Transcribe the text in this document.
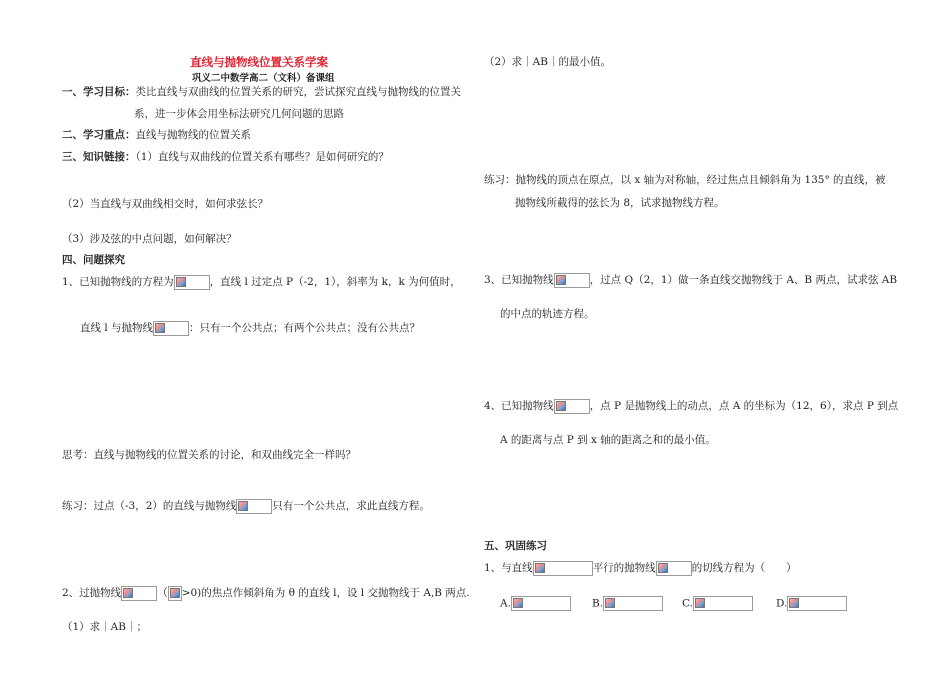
直线与抛物线位置关系学案
巩义二中数学高二（文科）备课组
一、学习目标：类比直线与双曲线的位置关系的研究，尝试探究直线与抛物线的位置关
系，进一步体会用坐标法研究几何问题的思路
二、学习重点：直线与抛物线的位置关系
三、知识链接：（1）直线与双曲线的位置关系有哪些？是如何研究的？
（2）当直线与双曲线相交时，如何求弦长？
（3）涉及弦的中点问题，如何解决？
四、问题探究
1、已知抛物线的方程为	，直线 l 过定点 P（-2，1），斜率为 k，k 为何值时，
直线 l 与抛物线	：只有一个公共点；有两个公共点；没有公共点？
思考：直线与抛物线的位置关系的讨论，和双曲线完全一样吗？
练习：过点（-3，2）的直线与抛物线	只有一个公共点，求此直线方程。
2、过抛物线	（ >0)的焦点作倾斜角为 θ 的直线 l，设 l 交抛物线于 A,B 两点.
（1）求｜AB｜；
（2）求｜AB｜的最小值。
练习：抛物线的顶点在原点，以 x 轴为对称轴，经过焦点且倾斜角为 135° 的直线，被
抛物线所截得的弦长为 8，试求抛物线方程。
3、已知抛物线	，过点 Q（2，1）做一条直线交抛物线于 A、B 两点，试求弦 AB
的中点的轨迹方程。
4、已知抛物线	，点 P 是抛物线上的动点，点 A 的坐标为（12，6），求点 P 到点
A 的距离与点 P 到 x 轴的距离之和的最小值。
五、巩固练习
1、与直线	平行的抛物线	的切线方程为（　　）
A.	B.	C.	D.
